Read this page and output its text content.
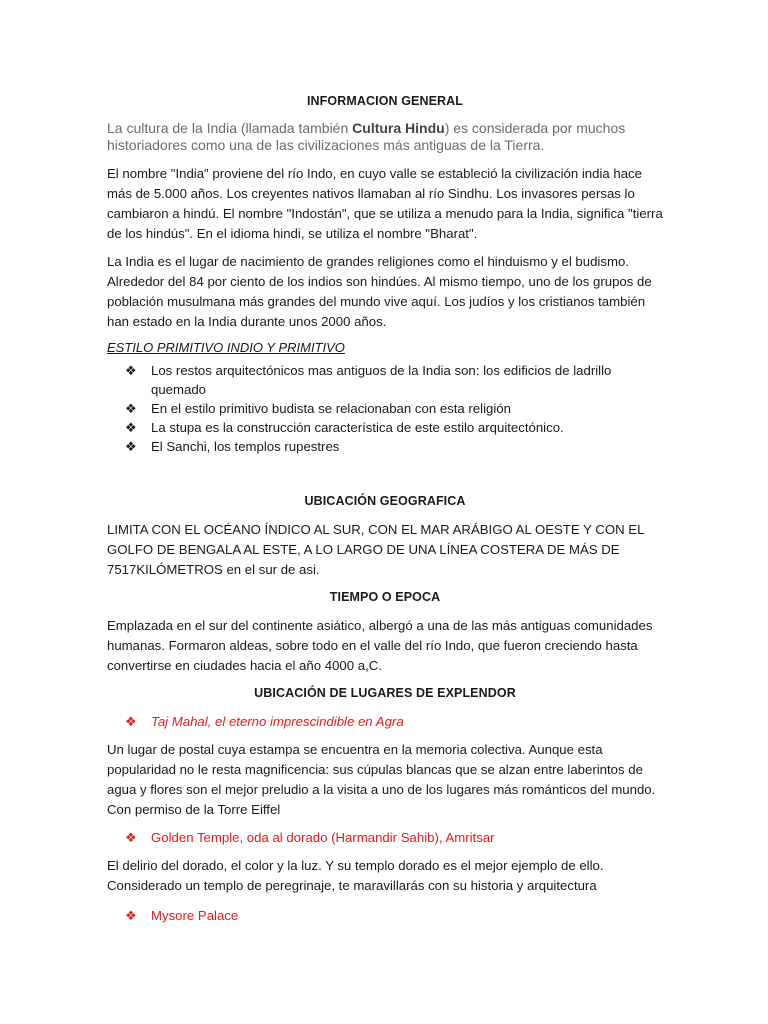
INFORMACION GENERAL

La cultura de la India (llamada también Cultura Hindu) es considerada por muchos historiadores como una de las civilizaciones más antiguas de la Tierra.

El nombre "India" proviene del río Indo, en cuyo valle se estableció la civilización india hace más de 5.000 años. Los creyentes nativos llamaban al río Sindhu. Los invasores persas lo cambiaron a hindú. El nombre "Indostán", que se utiliza a menudo para la India, significa "tierra de los hindús". En el idioma hindi, se utiliza el nombre "Bharat".

La India es el lugar de nacimiento de grandes religiones como el hinduismo y el budismo. Alrededor del 84 por ciento de los indios son hindúes. Al mismo tiempo, uno de los grupos de población musulmana más grandes del mundo vive aquí. Los judíos y los cristianos también han estado en la India durante unos 2000 años.

ESTILO PRIMITIVO INDIO Y PRIMITIVO

❖ Los restos arquitectónicos mas antiguos de la India son: los edificios de ladrillo quemado
❖ En el estilo primitivo budista se relacionaban con esta religión
❖ La stupa es la construcción característica de este estilo arquitectónico.
❖ El Sanchi, los templos rupestres

UBICACIÓN GEOGRAFICA

LIMITA CON EL OCÉANO ÍNDICO AL SUR, CON EL MAR ARÁBIGO AL OESTE Y CON EL GOLFO DE BENGALA AL ESTE, A LO LARGO DE UNA LÍNEA COSTERA DE MÁS DE 7517KILÓMETROS en el sur de asi.

TIEMPO O EPOCA

Emplazada en el sur del continente asiático, albergó a una de las más antiguas comunidades humanas. Formaron aldeas, sobre todo en el valle del río Indo, que fueron creciendo hasta convertirse en ciudades hacia el año 4000 a,C.

UBICACIÓN DE LUGARES DE EXPLENDOR

❖ Taj Mahal, el eterno imprescindible en Agra

Un lugar de postal cuya estampa se encuentra en la memoria colectiva. Aunque esta popularidad no le resta magnificencia: sus cúpulas blancas que se alzan entre laberintos de agua y flores son el mejor preludio a la visita a uno de los lugares más románticos del mundo. Con permiso de la Torre Eiffel

❖ Golden Temple, oda al dorado (Harmandir Sahib), Amritsar

El delirio del dorado, el color y la luz. Y su templo dorado es el mejor ejemplo de ello. Considerado un templo de peregrinaje, te maravillarás con su historia y arquitectura

❖ Mysore Palace
